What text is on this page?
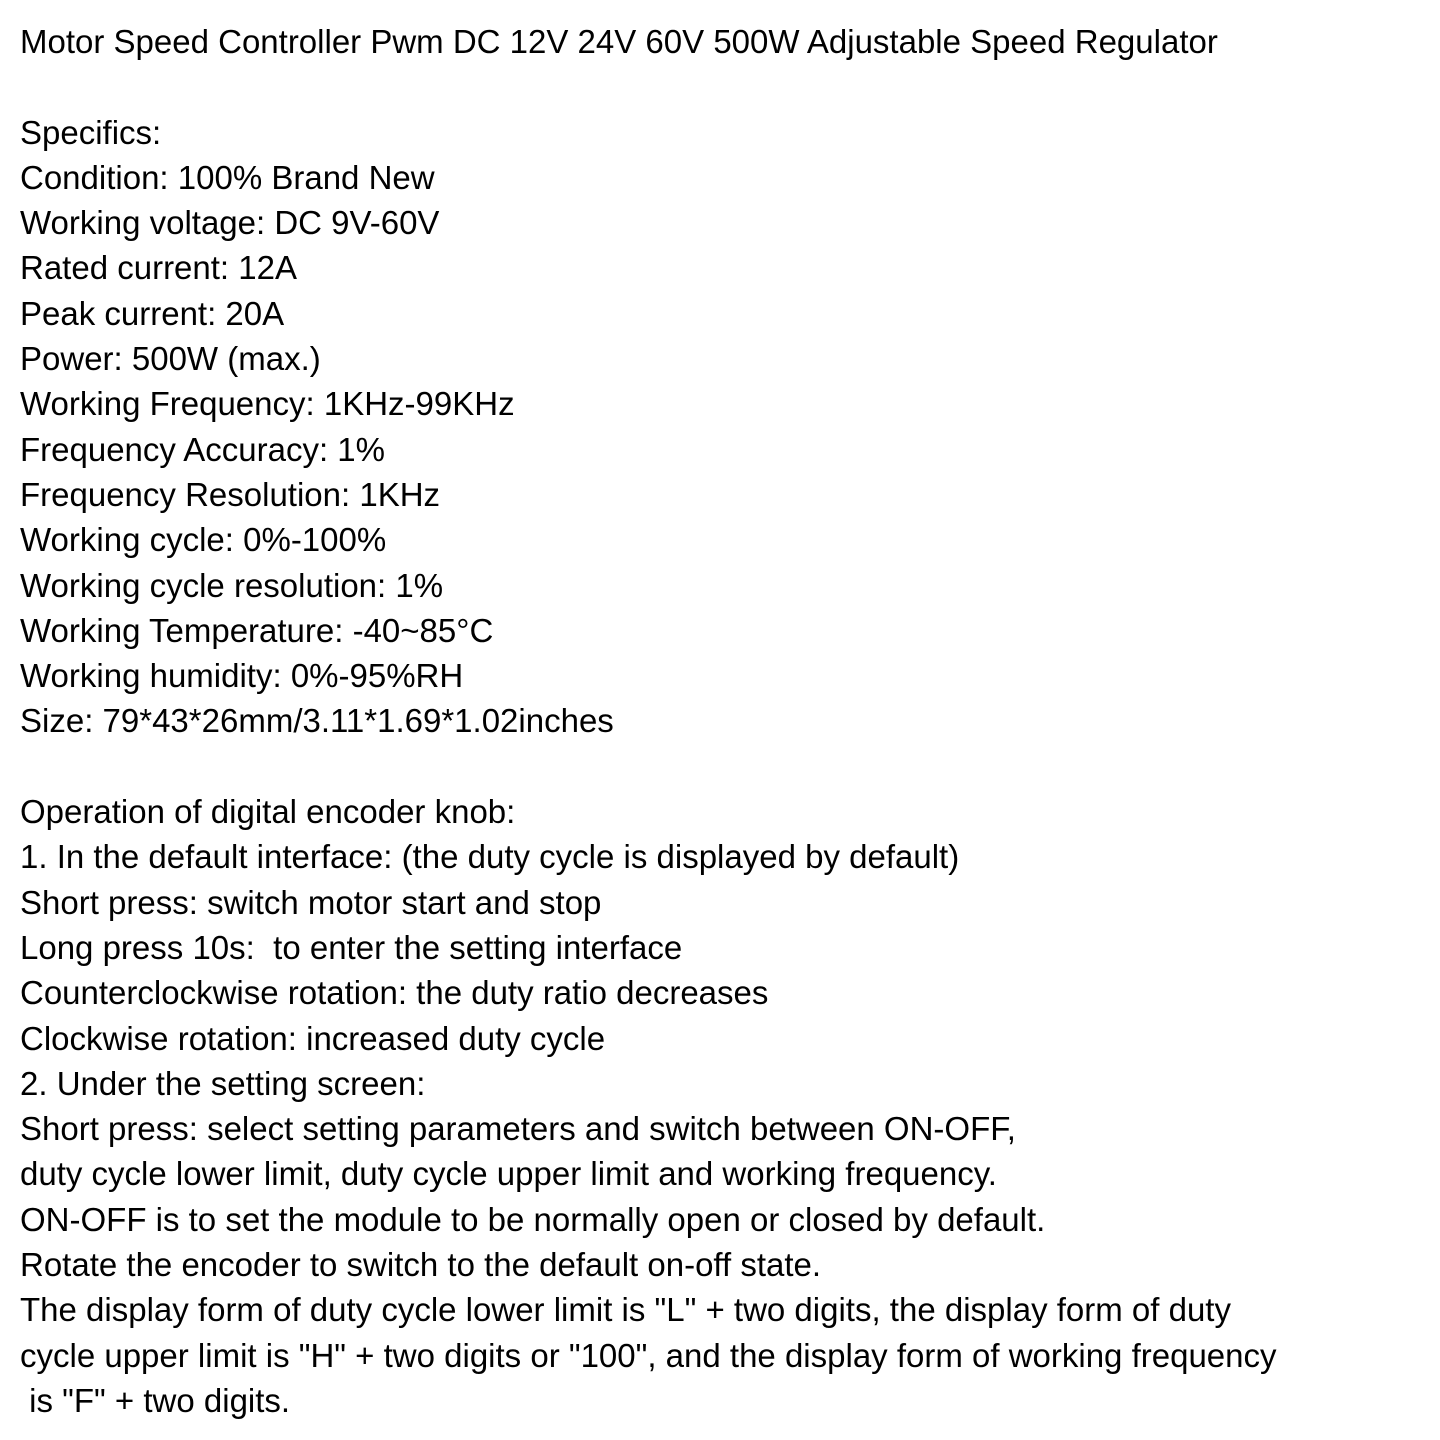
Motor Speed Controller Pwm DC 12V 24V 60V 500W Adjustable Speed Regulator
Specifics:
Condition: 100% Brand New
Working voltage: DC 9V-60V
Rated current: 12A
Peak current: 20A
Power: 500W (max.)
Working Frequency: 1KHz-99KHz
Frequency Accuracy: 1%
Frequency Resolution: 1KHz
Working cycle: 0%-100%
Working cycle resolution: 1%
Working Temperature: -40~85°C
Working humidity: 0%-95%RH
Size: 79*43*26mm/3.11*1.69*1.02inches
Operation of digital encoder knob:
1. In the default interface: (the duty cycle is displayed by default)
Short press: switch motor start and stop
Long press 10s:  to enter the setting interface
Counterclockwise rotation: the duty ratio decreases
Clockwise rotation: increased duty cycle
2. Under the setting screen:
Short press: select setting parameters and switch between ON-OFF,
duty cycle lower limit, duty cycle upper limit and working frequency.
ON-OFF is to set the module to be normally open or closed by default.
Rotate the encoder to switch to the default on-off state.
The display form of duty cycle lower limit is "L" + two digits, the display form of duty
cycle upper limit is "H" + two digits or "100", and the display form of working frequency
is "F" + two digits.
